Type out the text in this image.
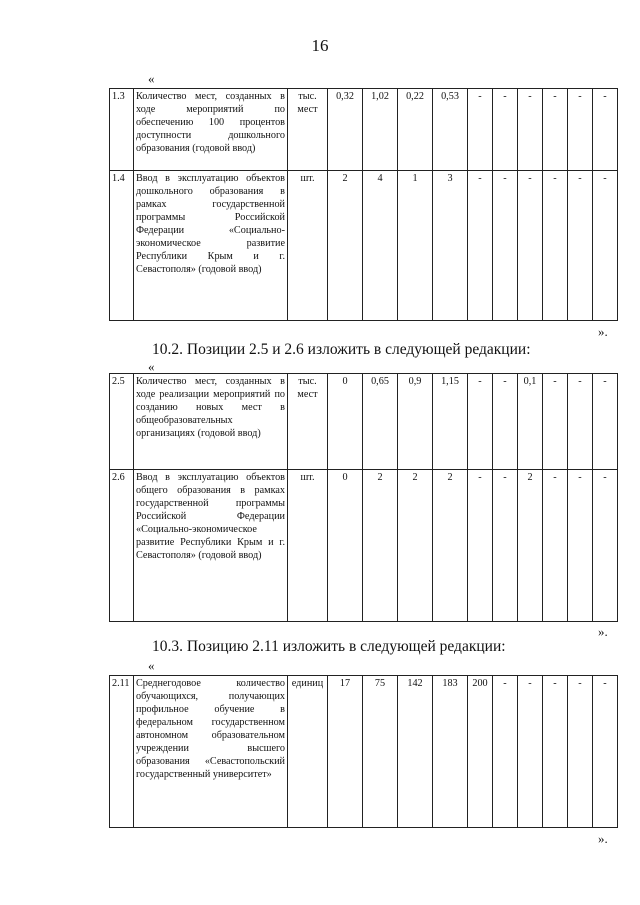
16
«
1.3	Количество мест, созданных в ходе мероприятий по обеспечению 100 процентов доступности дошкольного образования (годовой ввод)	тыс. мест	0,32	1,02	0,22	0,53	-	-	-	-	-	-
1.4	Ввод в эксплуатацию объектов дошкольного образования в рамках государственной программы Российской Федерации «Социально-экономическое развитие Республики Крым и г. Севастополя» (годовой ввод)	шт.	2	4	1	3	-	-	-	-	-	-
».
10.2. Позиции 2.5 и 2.6 изложить в следующей редакции:
«
2.5	Количество мест, созданных в ходе реализации мероприятий по созданию новых мест в общеобразовательных организациях (годовой ввод)	тыс. мест	0	0,65	0,9	1,15	-	-	0,1	-	-	-
2.6	Ввод в эксплуатацию объектов общего образования в рамках государственной программы Российской Федерации «Социально-экономическое развитие Республики Крым и г. Севастополя» (годовой ввод)	шт.	0	2	2	2	-	-	2	-	-	-
».
10.3. Позицию 2.11 изложить в следующей редакции:
«
2.11	Среднегодовое количество обучающихся, получающих профильное обучение в федеральном государственном автономном образовательном учреждении высшего образования «Севастопольский государственный университет»	единиц	17	75	142	183	200	-	-	-	-	-
».
